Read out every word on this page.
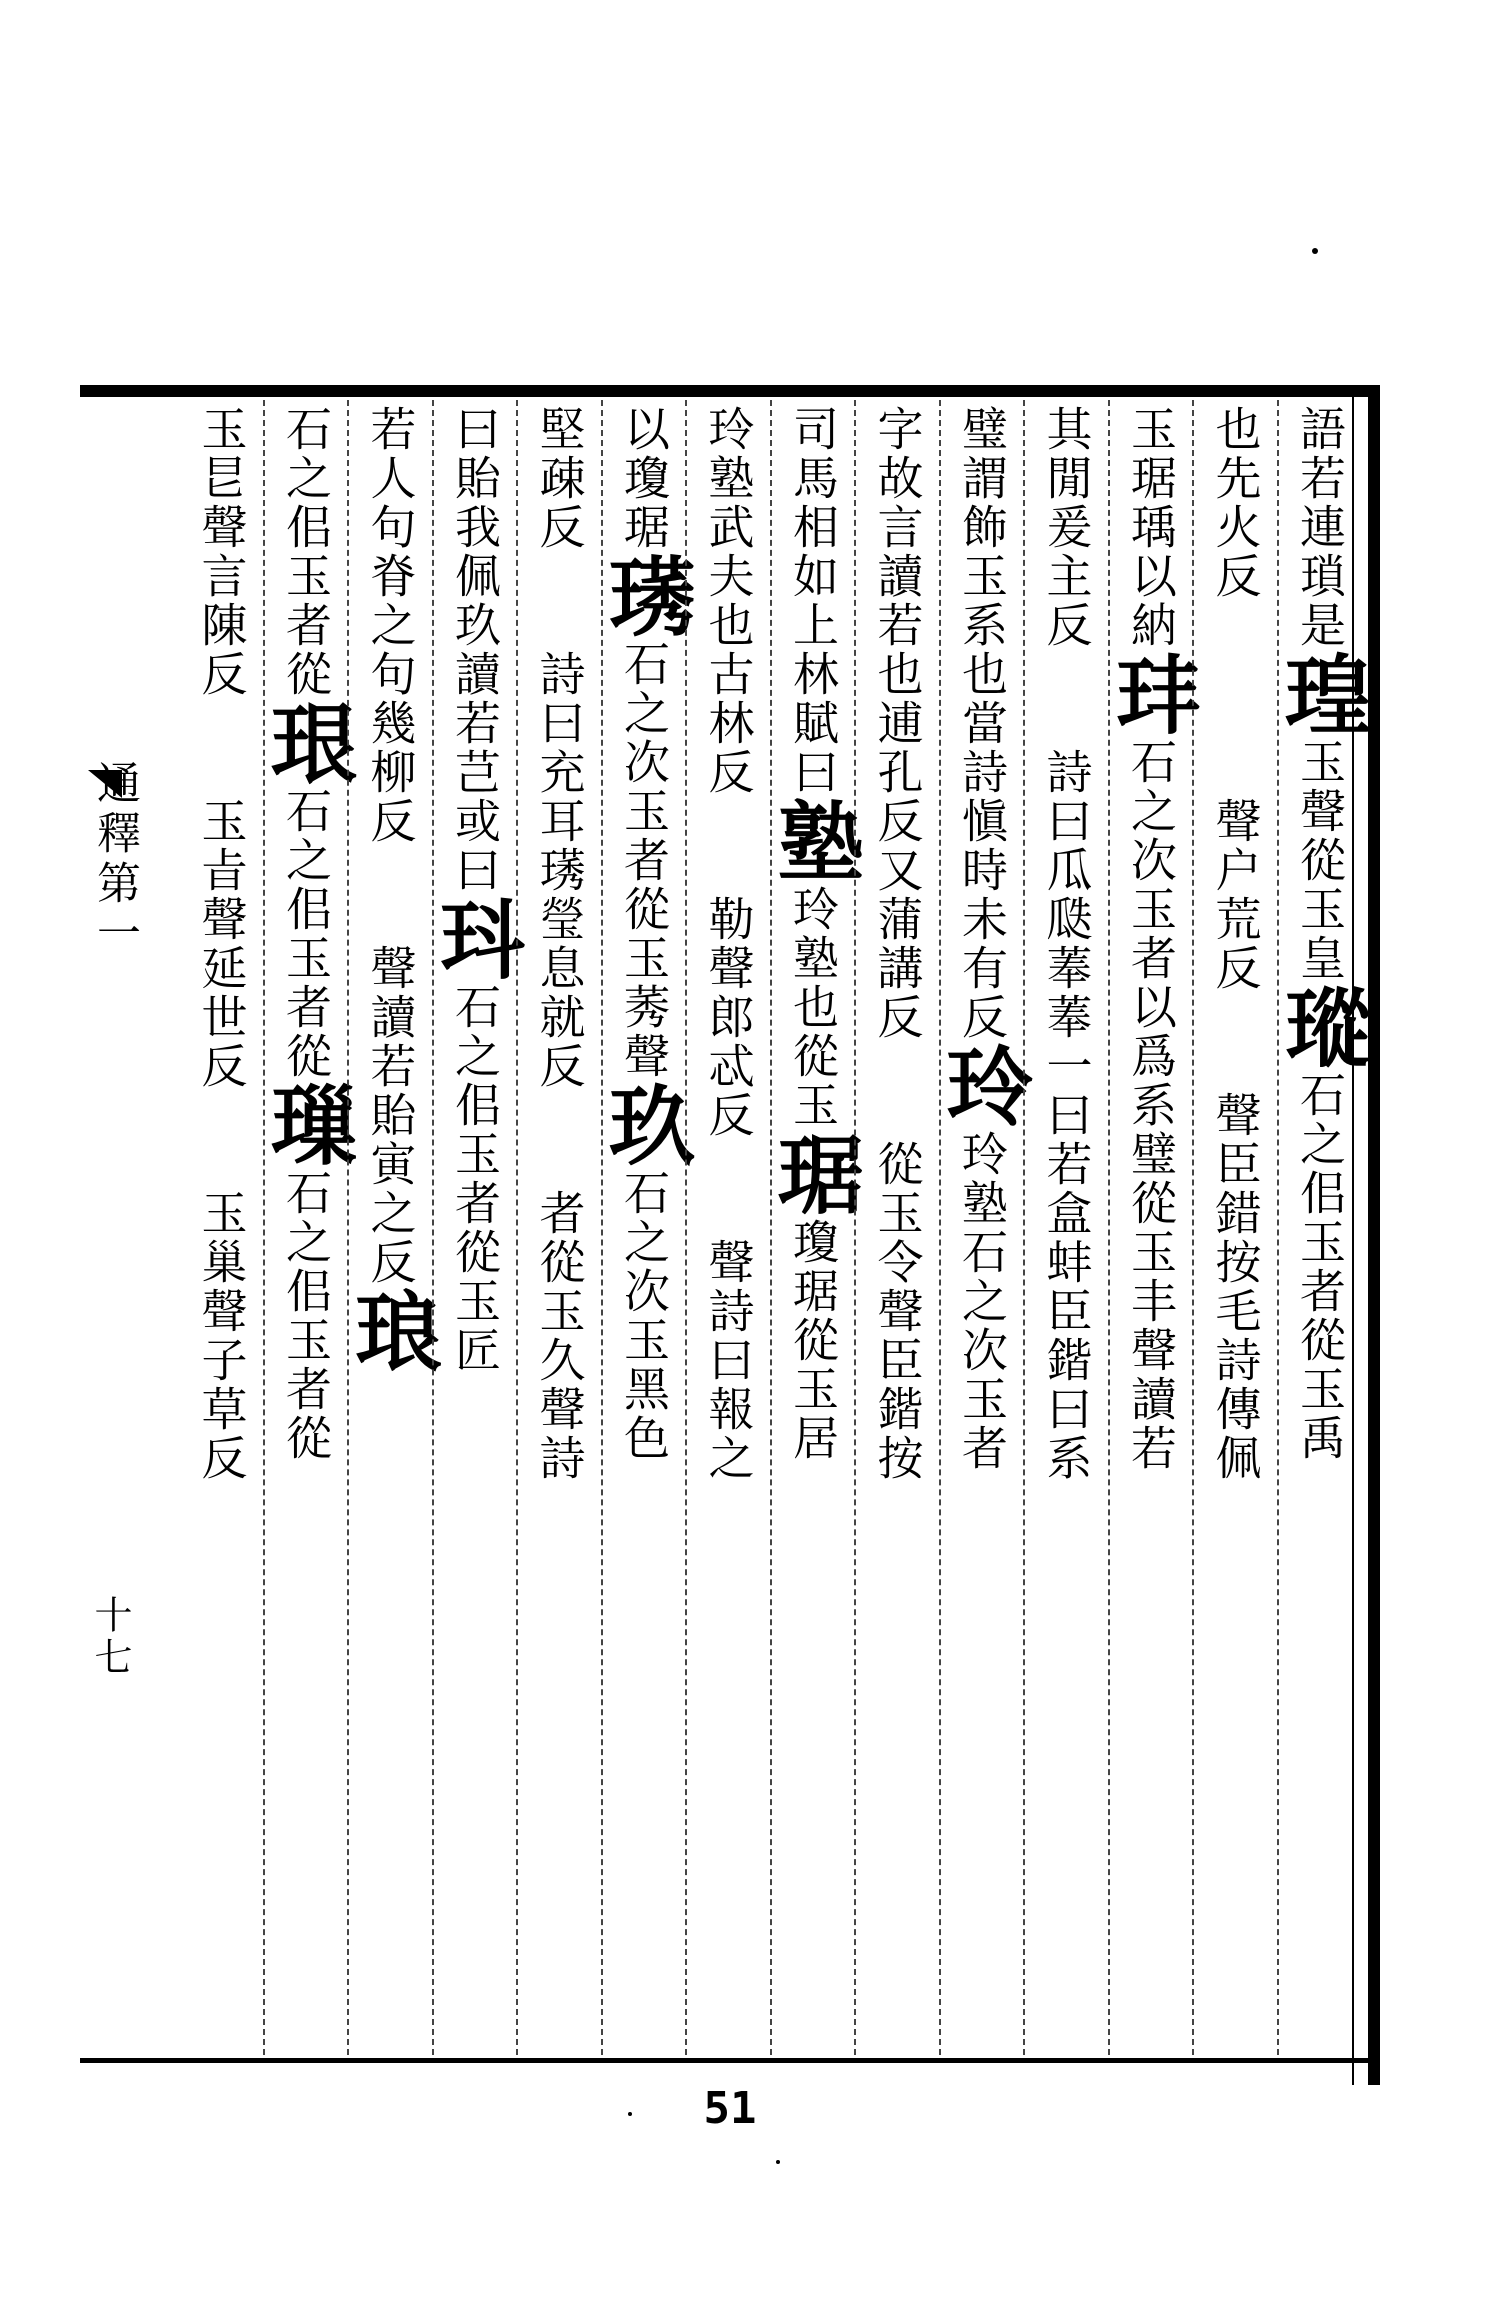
語若連瑣是瑝玉聲從玉皇瑽石之佀玉者從玉禹
也先火反　　　　聲户荒反　　聲臣錯按毛詩傳佩
玉琚瑀以納玤石之次玉者以爲系璧從玉丰聲讀若
其閒爰主反　　詩曰瓜瓞菶菶一曰若盒蚌臣鍇曰系
璧謂飾玉系也當詩愼時未有反玲玲塾石之次玉者
字故言讀若也逋孔反又蒲講反　　從玉令聲臣鍇按
司馬相如上林賦曰塾玲塾也從玉琚瓊琚從玉居
玲塾武夫也古林反　　勒聲郎忒反　　聲詩曰報之
以瓊琚璓石之次玉者從玉莠聲玖石之次玉黑色
堅疎反　　詩曰充耳璓瑩息就反　　者從玉久聲詩
曰貽我佩玖讀若芑或曰㺶石之佀玉者從玉匠
若人句脊之句幾柳反　　聲讀若貽寅之反琅
石之佀玉者從珢石之佀玉者從璅石之佀玉者從
玉㫐聲言陳反　　玉㫖聲延世反　　玉巢聲子草反
通釋第一
十七
51
